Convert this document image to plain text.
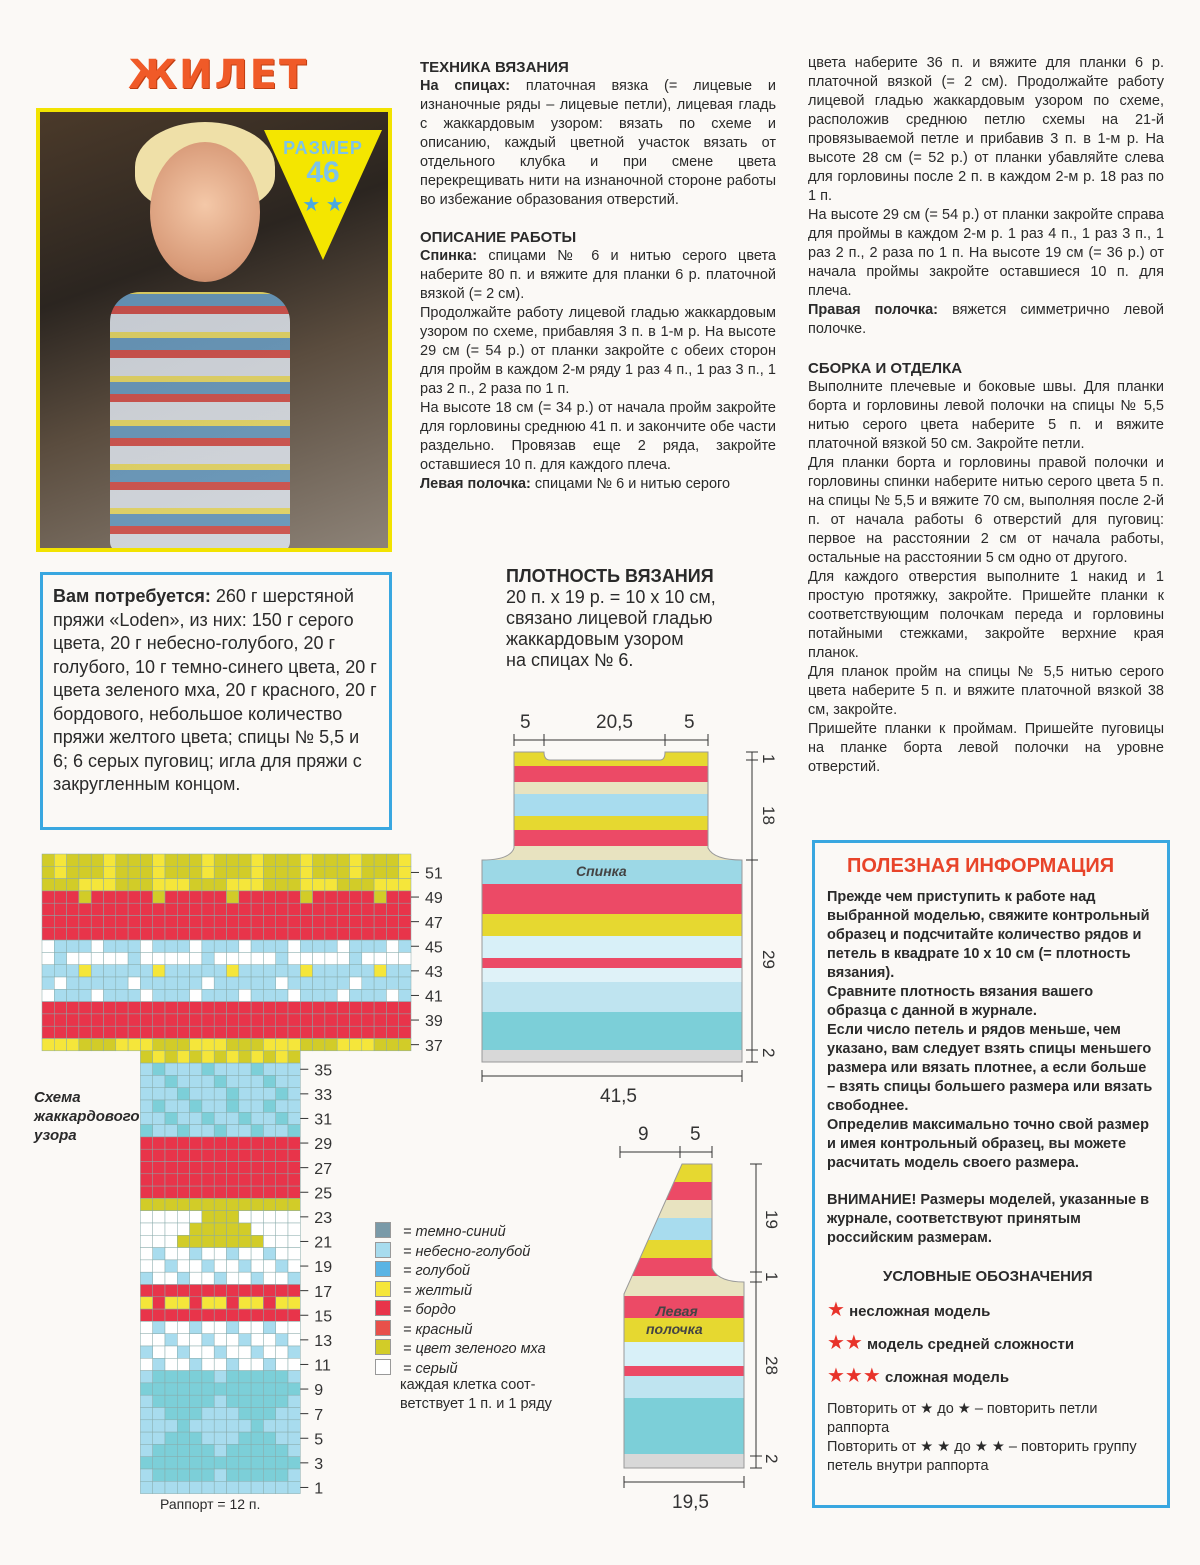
ЖИЛЕТ
РАЗМЕР
46
★ ★
ТЕХНИКА ВЯЗАНИЯ

На спицах: платочная вязка (= лицевые и изнаночные ряды – лицевые петли), лицевая гладь с жаккардовым узором: вязать по схеме и описанию, каждый цветной участок вязать от отдельного клубка и при смене цвета перекрещивать нити на изнаночной стороне работы во избежание образования отверстий.

ОПИСАНИЕ РАБОТЫ

Спинка: спицами № 6 и нитью серого цвета наберите 80 п. и вяжите для планки 6 р. платочной вязкой (= 2 см).

Продолжайте работу лицевой гладью жаккардовым узором по схеме, прибавляя 3 п. в 1-м р. На высоте 29 см (= 54 р.) от планки закройте с обеих сторон для пройм в каждом 2-м ряду 1 раз 4 п., 1 раз 3 п., 1 раз 2 п., 2 раза по 1 п.

На высоте 18 см (= 34 р.) от начала пройм закройте для горловины среднюю 41 п. и закончите обе части раздельно. Провязав еще 2 ряда, закройте оставшиеся 10 п. для каждого плеча.

Левая полочка: спицами № 6 и нитью серого

цвета наберите 36 п. и вяжите для планки 6 р. платочной вязкой (= 2 см). Продолжайте работу лицевой гладью жаккардовым узором по схеме, расположив среднюю петлю схемы на 21-й провязываемой петле и прибавив 3 п. в 1-м р. На высоте 28 см (= 52 р.) от планки убавляйте слева для горловины после 2 п. в каждом 2-м р. 18 раз по 1 п.

На высоте 29 см (= 54 р.) от планки закройте справа для проймы в каждом 2-м р. 1 раз 4 п., 1 раз 3 п., 1 раз 2 п., 2 раза по 1 п. На высоте 19 см (= 36 р.) от начала проймы закройте оставшиеся 10 п. для плеча.

Правая полочка: вяжется симметрично левой полочке.

СБОРКА И ОТДЕЛКА

Выполните плечевые и боковые швы. Для планки борта и горловины левой полочки на спицы № 5,5 нитью серого цвета наберите 5 п. и вяжите платочной вязкой 50 см. Закройте петли.

Для планки борта и горловины правой полочки и горловины спинки наберите нитью серого цвета 5 п. на спицы № 5,5 и вяжите 70 см, выполняя после 2-й п. от начала работы 6 отверстий для пуговиц: первое на расстоянии 2 см от начала работы, остальные на расстоянии 5 см одно от другого.

Для каждого отверстия выполните 1 накид и 1 простую протяжку, закройте. Пришейте планки к соответствующим полочкам переда и горловины потайными стежками, закройте верхние края планок.

Для планок пройм на спицы № 5,5 нитью серого цвета наберите 5 п. и вяжите платочной вязкой 38 см, закройте.

Пришейте планки к проймам. Пришейте пуговицы на планке борта левой полочки на уровне отверстий.

Вам потребуется: 260 г шерстяной пряжи «Loden», из них: 150 г серого цвета, 20 г небесно-голубого, 20 г голубого, 10 г темно-синего цвета, 20 г цвета зеленого мха, 20 г красного, 20 г бордового, небольшое количество пряжи желтого цвета; спицы № 5,5 и 6; 6 серых пуговиц; игла для пряжи с закругленным концом.
ПЛОТНОСТЬ ВЯЗАНИЯ
20 п. х 19 р. = 10 х 10 см,
связано лицевой гладью
жаккардовым узором
на спицах № 6.
51
49
47
45
43
41
39
37
35
33
31
29
27
25
23
21
19
17
15
13
11
9
7
5
3
1
Схема жаккардового узора
Раппорт = 12 п.
= темно-синий
= небесно-голубой
= голубой
= желтый
= бордо
= красный
= цвет зеленого мха
= серый
каждая клетка соот-
ветствует 1 п. и 1 ряду
Спинка
5	20,5	5
41,5
1
18
29
2
Левая
полочка
9 5
19,5
19
1
28
2
ПОЛЕЗНАЯ ИНФОРМАЦИЯ

Прежде чем приступить к работе над выбранной моделью, свяжите контрольный образец и подсчитайте количество рядов и петель в квадрате 10 х 10 см (= плотность вязания).

Сравните плотность вязания вашего образца с данной в журнале.

Если число петель и рядов меньше, чем указано, вам следует взять спицы меньшего размера или вязать плотнее, а если больше – взять спицы большего размера или вязать свободнее.

Определив максимально точно свой размер и имея контрольный образец, вы можете расчитать модель своего размера.

ВНИМАНИЕ! Размеры моделей, указанные в журнале, соответствуют принятым российским размерам.

УСЛОВНЫЕ ОБОЗНАЧЕНИЯ
★ несложная модель
★★ модель средней сложности
★★★ сложная модель
Повторить от ★ до ★ – повторить петли раппорта
Повторить от ★ ★ до ★ ★ – повторить группу петель внутри раппорта
